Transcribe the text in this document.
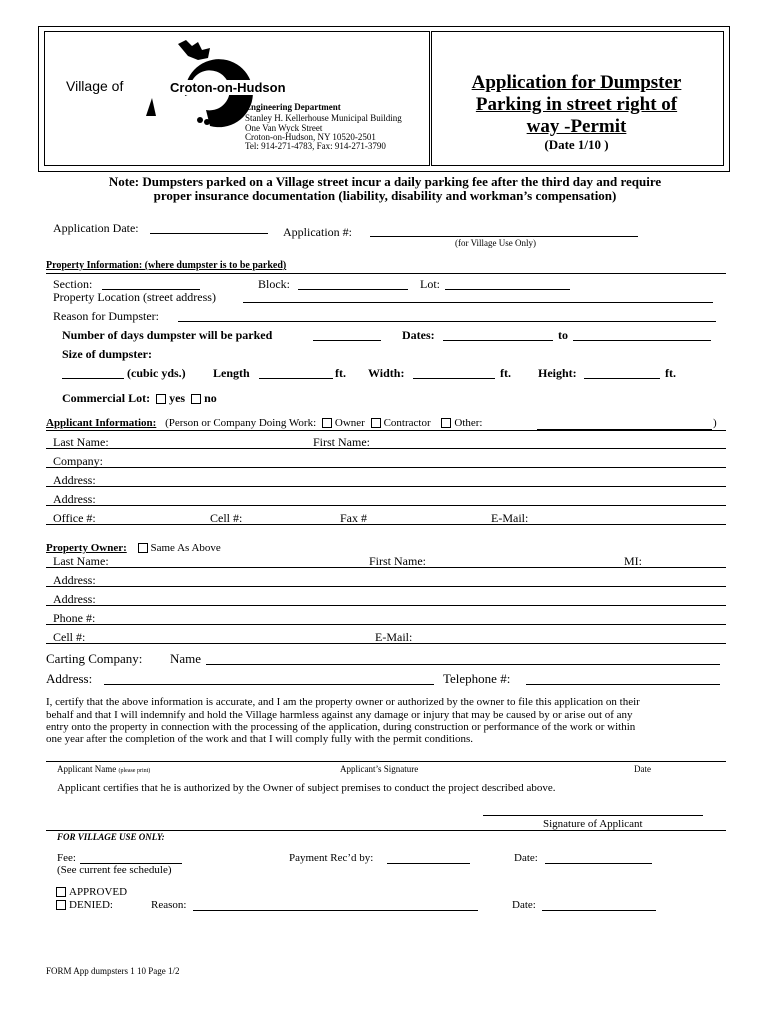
Village of	Croton-on-Hudson
Engineering Department
Stanley H. Kellerhouse Municipal Building
One Van Wyck Street
Croton-on-Hudson, NY 10520-2501
Tel: 914-271-4783, Fax: 914-271-3790
Application for Dumpster
Parking in street right of
way -Permit
(Date 1/10 )
Note: Dumpsters parked on a Village street incur a daily parking fee after the third day and require
proper insurance documentation (liability, disability and workman’s compensation)
Application Date:	Application #:
(for Village Use Only)
Property Information: (where dumpster is to be parked)
Section:	Block:	Lot:
Property Location (street address)
Reason for Dumpster:
Number of days dumpster will be parked	Dates:	to
Size of dumpster:
(cubic yds.) Length	ft. Width:	ft. Height:	ft.
Commercial Lot: yes no
Applicant Information: (Person or Company Doing Work: Owner Contractor Other:	)
Last Name:	First Name:
Company:
Address:
Address:
Office #:	Cell #:	Fax #	E-Mail:
Property Owner: Same As Above
Last Name:	First Name:	MI:
Address:
Address:
Phone #:
Cell #:	E-Mail:
Carting Company: Name
Address:	Telephone #:
I, certify that the above information is accurate, and I am the property owner or authorized by the owner to file this application on their
behalf and that I will indemnify and hold the Village harmless against any damage or injury that may be caused by or arise out of any
entry onto the property in connection with the processing of the application, during construction or performance of the work or within
one year after the completion of the work and that I will comply fully with the permit conditions.
Applicant Name (please print)	Applicant’s Signature	Date
Applicant certifies that he is authorized by the Owner of subject premises to conduct the project described above.
Signature of Applicant
FOR VILLAGE USE ONLY:
Fee:
(See current fee schedule)
Payment Rec’d by:	Date:
APPROVED
DENIED:	Reason:	Date:
FORM App dumpsters 1 10 Page 1/2
